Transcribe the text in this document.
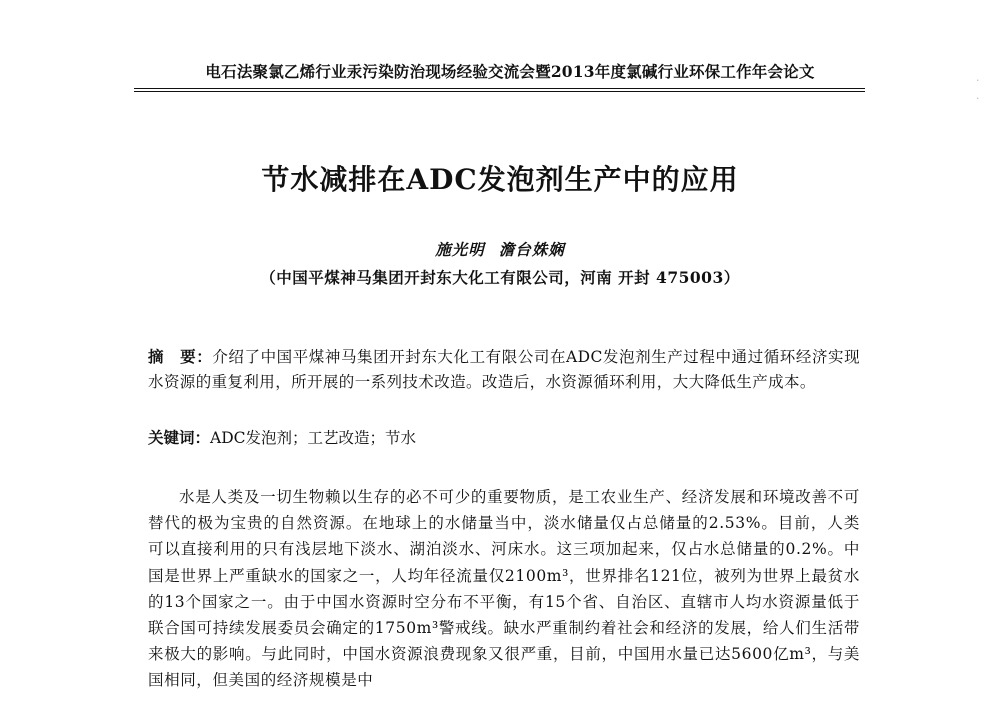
电石法聚氯乙烯行业汞污染防治现场经验交流会暨2013年度氯碱行业环保工作年会论文	·
·
节水减排在ADC发泡剂生产中的应用
施光明 澹台姝娴
（中国平煤神马集团开封东大化工有限公司，河南 开封 475003）
摘　要：介绍了中国平煤神马集团开封东大化工有限公司在ADC发泡剂生产过程中通过循环经济实现水资源的重复利用，所开展的一系列技术改造。改造后，水资源循环利用，大大降低生产成本。
关键词：ADC发泡剂；工艺改造；节水
水是人类及一切生物赖以生存的必不可少的重要物质，是工农业生产、经济发展和环境改善不可替代的极为宝贵的自然资源。在地球上的水储量当中，淡水储量仅占总储量的2.53%。目前，人类可以直接利用的只有浅层地下淡水、湖泊淡水、河床水。这三项加起来，仅占水总储量的0.2%。中国是世界上严重缺水的国家之一，人均年径流量仅2100m³，世界排名121位，被列为世界上最贫水的13个国家之一。由于中国水资源时空分布不平衡，有15个省、自治区、直辖市人均水资源量低于联合国可持续发展委员会确定的1750m³警戒线。缺水严重制约着社会和经济的发展，给人们生活带来极大的影响。与此同时，中国水资源浪费现象又很严重，目前，中国用水量已达5600亿m³，与美国相同，但美国的经济规模是中
